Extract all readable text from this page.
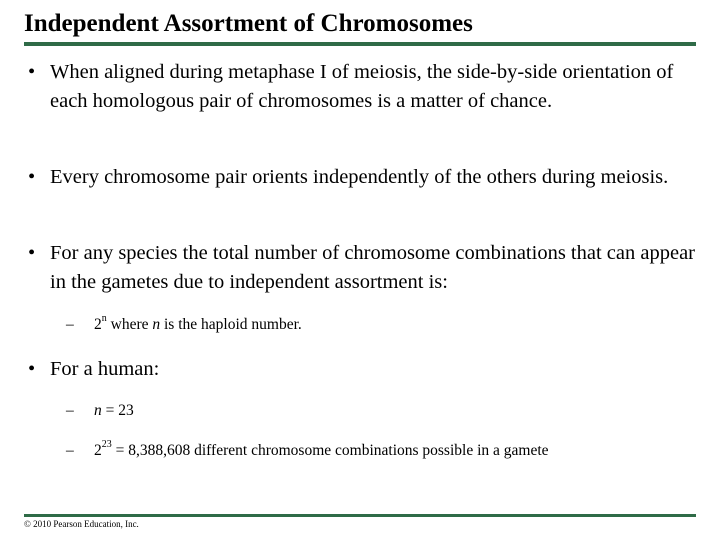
Independent Assortment of Chromosomes
• When aligned during metaphase I of meiosis, the side-by-side orientation of each homologous pair of chromosomes is a matter of chance.
• Every chromosome pair orients independently of the others during meiosis.
• For any species the total number of chromosome combinations that can appear in the gametes due to independent assortment is:
– 2$^n$ where n is the haploid number.
• For a human:
– n = 23
– $2^{23} = 8,388,608$ different chromosome combinations possible in a gamete
© 2010 Pearson Education, Inc.
